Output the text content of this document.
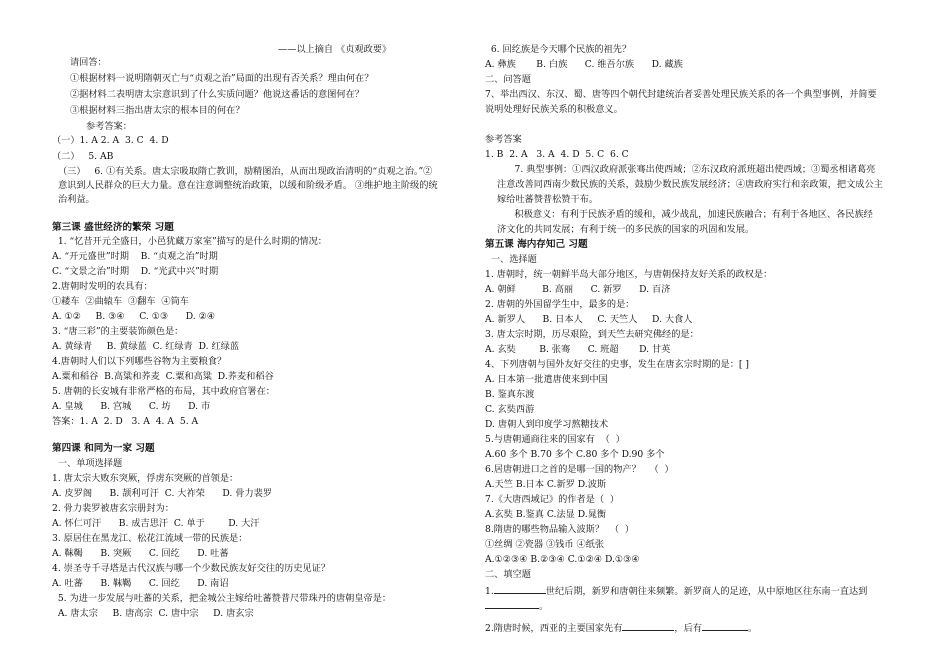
——以上摘自 《贞观政要》
请回答：
①根据材料一说明隋朝灭亡与“贞观之治”局面的出现有否关系？理由何在？
②据材料二表明唐太宗意识到了什么实质问题？他说这番话的意图何在？
③根据材料三指出唐太宗的根本目的何在？
参考答案：
（一）1. A 2. A  3. C  4. D
（二）   5. AB
（三）   6. ①有关系。唐太宗吸取隋亡教训，励精图治，从而出现政治清明的“贞观之治。”②
意识到人民群众的巨大力量。意在注意调整统治政策，以缓和阶级矛盾。 ③维护地主阶级的统
治利益。
第三课 盛世经济的繁荣 习题
1. “忆昔开元全盛日，小邑犹藏万家室”描写的是什么时期的情况：
A. “开元盛世”时期    B. “贞观之治”时期
C. “文景之治”时期    D. “光武中兴”时期
2.唐朝时发明的农具有：
①耧车  ②曲辕车  ③翻车  ④筒车
A. ①②     B. ③④     C. ①③      D. ②④
3. “唐三彩”的主要装饰颜色是：
A. 黄绿青     B. 黄绿蓝  C. 红绿青  D. 红绿蓝
4.唐朝时人们以下列哪些谷物为主要粮食？
A.粟和稻谷  B.高粱和荞麦  C.粟和高粱  D.荞麦和稻谷
5. 唐朝的长安城有非常严格的布局，其中政府官署在：
A. 皇城      B. 宫城      C. 坊      D. 市
答案：1. A  2. D   3. A  4. A  5. A
第四课 和同为一家 习题
一、单项选择题
1. 唐太宗大败东突厥，俘虏东突厥的首领是：
A. 皮罗阁      B. 颉利可汗  C. 大祚荣      D. 骨力裴罗
2. 骨力裴罗被唐玄宗册封为：
A. 怀仁可汗      B. 成吉思汗  C. 单于        D. 大汗
3. 原居住在黑龙江、松花江流域一带的民族是：
A. 靺鞨      B. 突厥      C. 回纥      D. 吐蕃
4. 崇圣寺千寻塔是古代汉族与哪一个少数民族友好交往的历史见证？
A. 吐蕃      B. 靺鞨      C. 回纥      D. 南诏
5. 为进一步发展与吐蕃的关系，把金城公主嫁给吐蕃赞普尺带珠丹的唐朝皇帝是：
A. 唐太宗     B. 唐高宗  C. 唐中宗     D. 唐玄宗
1.	世纪后期，新罗和唐朝往来频繁。新罗商人的足迹，从中原地区往东南一直达到
。
2.隋唐时候，西亚的主要国家先有	，后有	。
6. 回纥族是今天哪个民族的祖先？
A. 彝族       B. 白族      C. 维吾尔族      D. 藏族
二、问答题
7、举出西汉、东汉、蜀、唐等四个朝代封建统治者妥善处理民族关系的各一个典型事例，并简要
说明处理好民族关系的积极意义。
参考答案
1. B  2. A   3. A  4. D  5. C  6. C
7. 典型事例：①西汉政府派张骞出使西域；②东汉政府派班超出使西域；③蜀丞相诸葛亮
注意改善同西南少数民族的关系，鼓励少数民族发展经济；④唐政府实行和亲政策，把文成公主
嫁给吐蕃赞普松赞干布。
积极意义：有利于民族矛盾的缓和，减少战乱，加速民族融合；有利于各地区、各民族经
济文化的共同发展；有利于统一的多民族的国家的巩固和发展。
第五课 海内存知己 习题
一、选择题
1. 唐朝时，统一朝鲜半岛大部分地区，与唐朝保持友好关系的政权是：
A. 朝鲜         B. 高丽      C. 新罗      D. 百济
2. 唐朝的外国留学生中，最多的是：
A. 新罗人      B. 日本人     C. 天竺人     D. 大食人
3. 唐太宗时期，历尽艰险，到天竺去研究佛经的是：
A. 玄奘        B. 张骞      C. 班超       D. 甘英
4、下列唐朝与国外友好交往的史事，发生在唐玄宗时期的是：[ ]
A. 日本第一批遣唐使来到中国
B. 鉴真东渡
C. 玄奘西游
D. 唐朝人到印度学习熬糖技术
5.与唐朝通商往来的国家有  （  ）
A.60 多个 B.70 多个 C.80 多个 D.90 多个
6.居唐朝进口之首的是哪一国的物产？   （  ）
A.天竺 B.日本 C.新罗 D.波斯
7.《大唐西域记》的作者是（  ）
A.玄奘 B.鉴真 C.法显 D.晁衡
8.隋唐的哪些物品输入波斯？  （  ）
①丝绸 ②瓷器 ③钱币 ④纸张
A.①②③④ B.②③④ C.①②④ D.①③④
二、填空题
